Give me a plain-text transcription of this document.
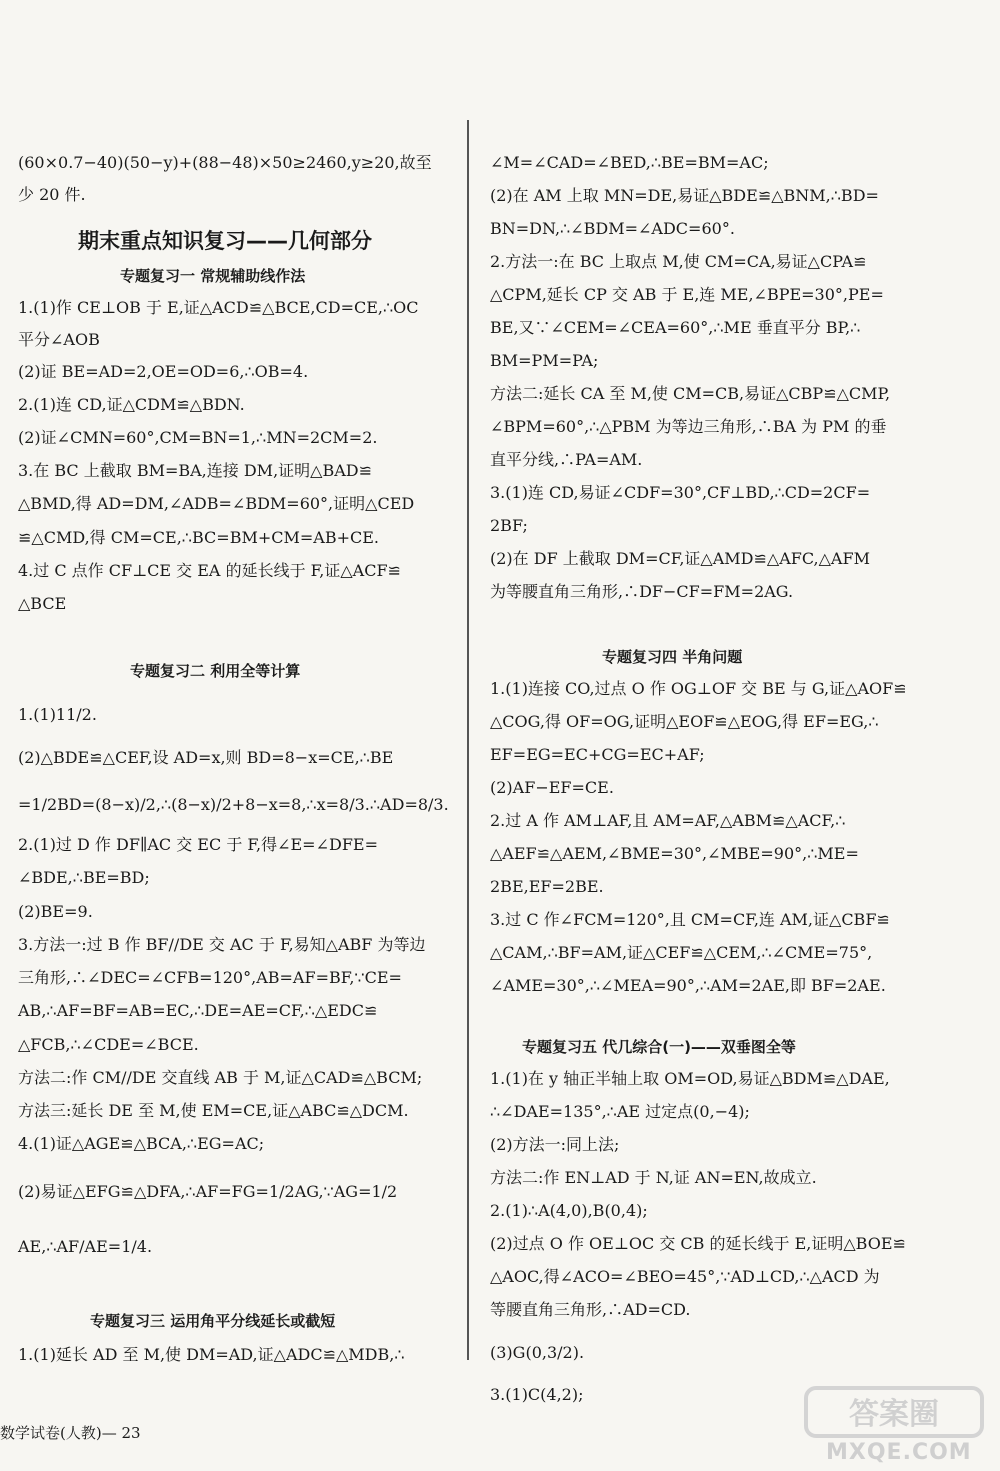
(60×0.7−40)(50−y)+(88−48)×50≥2460,y≥20,故至
少 20 件.
期末重点知识复习——几何部分
专题复习一 常规辅助线作法
1.(1)作 CE⊥OB 于 E,证△ACD≌△BCE,CD=CE,∴OC
平分∠AOB
(2)证 BE=AD=2,OE=OD=6,∴OB=4.
2.(1)连 CD,证△CDM≌△BDN.
(2)证∠CMN=60°,CM=BN=1,∴MN=2CM=2.
3.在 BC 上截取 BM=BA,连接 DM,证明△BAD≌
△BMD,得 AD=DM,∠ADB=∠BDM=60°,证明△CED
≌△CMD,得 CM=CE,∴BC=BM+CM=AB+CE.
4.过 C 点作 CF⊥CE 交 EA 的延长线于 F,证△ACF≌
△BCE
专题复习二 利用全等计算
1.(1)11/2.
(2)△BDE≌△CEF,设 AD=x,则 BD=8−x=CE,∴BE
=1/2BD=(8−x)/2,∴(8−x)/2+8−x=8,∴x=8/3.∴AD=8/3.
2.(1)过 D 作 DF∥AC 交 EC 于 F,得∠E=∠DFE=
∠BDE,∴BE=BD;
(2)BE=9.
3.方法一:过 B 作 BF//DE 交 AC 于 F,易知△ABF 为等边
三角形,∴∠DEC=∠CFB=120°,AB=AF=BF,∵CE=
AB,∴AF=BF=AB=EC,∴DE=AE=CF,∴△EDC≌
△FCB,∴∠CDE=∠BCE.
方法二:作 CM//DE 交直线 AB 于 M,证△CAD≌△BCM;
方法三:延长 DE 至 M,使 EM=CE,证△ABC≌△DCM.
4.(1)证△AGE≌△BCA,∴EG=AC;
(2)易证△EFG≌△DFA,∴AF=FG=1/2AG,∵AG=1/2
AE,∴AF/AE=1/4.
专题复习三 运用角平分线延长或截短
1.(1)延长 AD 至 M,使 DM=AD,证△ADC≌△MDB,∴
∠M=∠CAD=∠BED,∴BE=BM=AC;
(2)在 AM 上取 MN=DE,易证△BDE≌△BNM,∴BD=
BN=DN,∴∠BDM=∠ADC=60°.
2.方法一:在 BC 上取点 M,使 CM=CA,易证△CPA≌
△CPM,延长 CP 交 AB 于 E,连 ME,∠BPE=30°,PE=
BE,又∵∠CEM=∠CEA=60°,∴ME 垂直平分 BP,∴
BM=PM=PA;
方法二:延长 CA 至 M,使 CM=CB,易证△CBP≌△CMP,
∠BPM=60°,∴△PBM 为等边三角形,∴BA 为 PM 的垂
直平分线,∴PA=AM.
3.(1)连 CD,易证∠CDF=30°,CF⊥BD,∴CD=2CF=
2BF;
(2)在 DF 上截取 DM=CF,证△AMD≌△AFC,△AFM
为等腰直角三角形,∴DF−CF=FM=2AG.
专题复习四 半角问题
1.(1)连接 CO,过点 O 作 OG⊥OF 交 BE 与 G,证△AOF≌
△COG,得 OF=OG,证明△EOF≌△EOG,得 EF=EG,∴
EF=EG=EC+CG=EC+AF;
(2)AF−EF=CE.
2.过 A 作 AM⊥AF,且 AM=AF,△ABM≌△ACF,∴
△AEF≌△AEM,∠BME=30°,∠MBE=90°,∴ME=
2BE,EF=2BE.
3.过 C 作∠FCM=120°,且 CM=CF,连 AM,证△CBF≌
△CAM,∴BF=AM,证△CEF≌△CEM,∴∠CME=75°,
∠AME=30°,∴∠MEA=90°,∴AM=2AE,即 BF=2AE.
专题复习五 代几综合(一)——双垂图全等
1.(1)在 y 轴正半轴上取 OM=OD,易证△BDM≌△DAE,
∴∠DAE=135°,∴AE 过定点(0,−4);
(2)方法一:同上法;
方法二:作 EN⊥AD 于 N,证 AN=EN,故成立.
2.(1)∴A(4,0),B(0,4);
(2)过点 O 作 OE⊥OC 交 CB 的延长线于 E,证明△BOE≌
△AOC,得∠ACO=∠BEO=45°,∵AD⊥CD,∴△ACD 为
等腰直角三角形,∴AD=CD.
(3)G(0,3/2).
3.(1)C(4,2);
数学试卷(人教)— 23
答案圈
MXQE.COM
